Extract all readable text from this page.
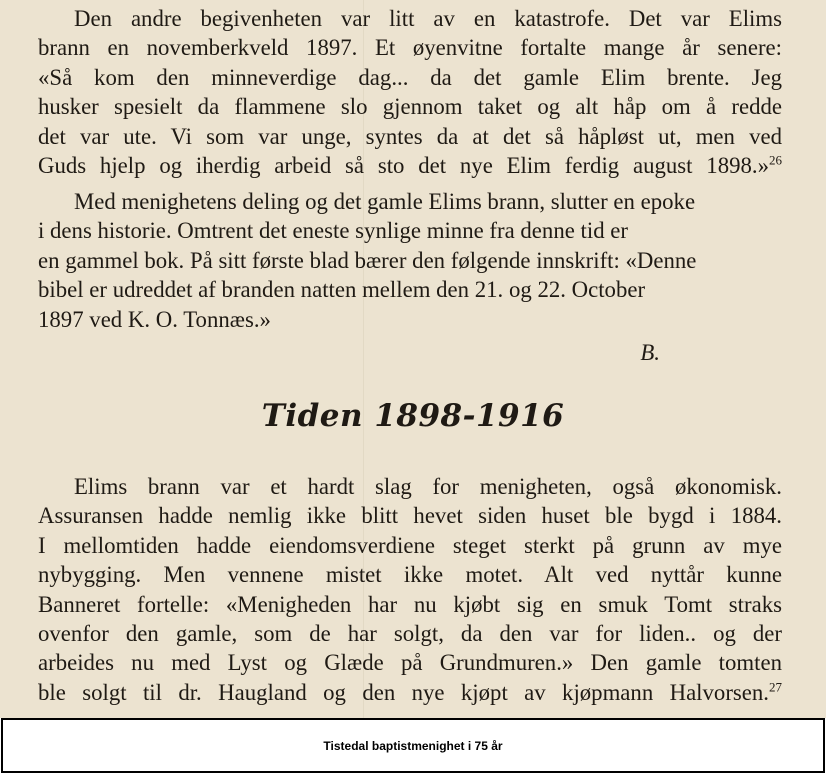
Den andre begivenheten var litt av en katastrofe. Det var Elims
brann en novemberkveld 1897. Et øyenvitne fortalte mange år senere:
«Så kom den minneverdige dag... da det gamle Elim brente. Jeg
husker spesielt da flammene slo gjennom taket og alt håp om å redde
det var ute. Vi som var unge, syntes da at det så håpløst ut, men ved
Guds hjelp og iherdig arbeid så sto det nye Elim ferdig august 1898.»$^{26}$

Med menighetens deling og det gamle Elims brann, slutter en epoke
i dens historie. Omtrent det eneste synlige minne fra denne tid er
en gammel bok. På sitt første blad bærer den følgende innskrift: «Denne
bibel er udreddet af branden natten mellem den 21. og 22. October
1897 ved K. O. Tonnæs.»

B.

Tiden 1898-1916

Elims brann var et hardt slag for menigheten, også økonomisk.
Assuransen hadde nemlig ikke blitt hevet siden huset ble bygd i 1884.
I mellomtiden hadde eiendomsverdiene steget sterkt på grunn av mye
nybygging. Men vennene mistet ikke motet. Alt ved nyttår kunne
Banneret fortelle: «Menigheden har nu kjøbt sig en smuk Tomt straks
ovenfor den gamle, som de har solgt, da den var for liden.. og der
arbeides nu med Lyst og Glæde på Grundmuren.» Den gamle tomten
ble solgt til dr. Haugland og den nye kjøpt av kjøpmann Halvorsen.$^{27}$

Tistedal baptistmenighet i 75 år
